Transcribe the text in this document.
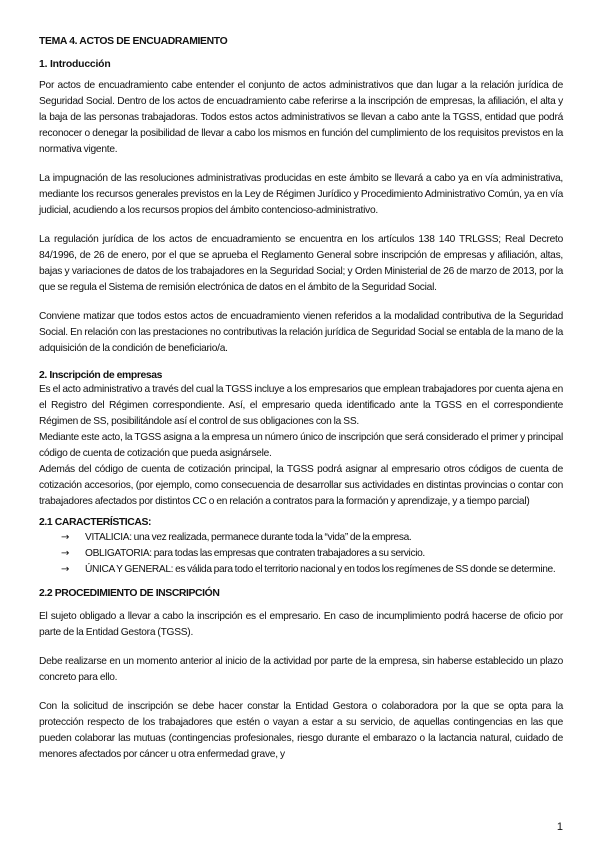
TEMA 4. ACTOS DE ENCUADRAMIENTO
1. Introducción

Por actos de encuadramiento cabe entender el conjunto de actos administrativos que dan lugar a la relación jurídica de Seguridad Social. Dentro de los actos de encuadramiento cabe referirse a la inscripción de empresas, la afiliación, el alta y la baja de las personas trabajadoras. Todos estos actos administrativos se llevan a cabo ante la TGSS, entidad que podrá reconocer o denegar la posibilidad de llevar a cabo los mismos en función del cumplimiento de los requisitos previstos en la normativa vigente.

La impugnación de las resoluciones administrativas producidas en este ámbito se llevará a cabo ya en vía administrativa, mediante los recursos generales previstos en la Ley de Régimen Jurídico y Procedimiento Administrativo Común, ya en vía judicial, acudiendo a los recursos propios del ámbito contencioso-administrativo.

La regulación jurídica de los actos de encuadramiento se encuentra en los artículos 138 140 TRLGSS; Real Decreto 84/1996, de 26 de enero, por el que se aprueba el Reglamento General sobre inscripción de empresas y afiliación, altas, bajas y variaciones de datos de los trabajadores en la Seguridad Social; y Orden Ministerial de 26 de marzo de 2013, por la que se regula el Sistema de remisión electrónica de datos en el ámbito de la Seguridad Social.

Conviene matizar que todos estos actos de encuadramiento vienen referidos a la modalidad contributiva de la Seguridad Social. En relación con las prestaciones no contributivas la relación jurídica de Seguridad Social se entabla de la mano de la adquisición de la condición de beneficiario/a.

2. Inscripción de empresas

Es el acto administrativo a través del cual la TGSS incluye a los empresarios que emplean trabajadores por cuenta ajena en el Registro del Régimen correspondiente. Así, el empresario queda identificado ante la TGSS en el correspondiente Régimen de SS, posibilitándole así el control de sus obligaciones con la SS.

Mediante este acto, la TGSS asigna a la empresa un número único de inscripción que será considerado el primer y principal código de cuenta de cotización que pueda asignársele.

Además del código de cuenta de cotización principal, la TGSS podrá asignar al empresario otros códigos de cuenta de cotización accesorios, (por ejemplo, como consecuencia de desarrollar sus actividades en distintas provincias o contar con trabajadores afectados por distintos CC o en relación a contratos para la formación y aprendizaje, y a tiempo parcial)

2.1 CARACTERÍSTICAS:
→ VITALICIA: una vez realizada, permanece durante toda la “vida” de la empresa.
→ OBLIGATORIA: para todas las empresas que contraten trabajadores a su servicio.
→ ÚNICA Y GENERAL: es válida para todo el territorio nacional y en todos los regímenes de SS donde se determine.
2.2 PROCEDIMIENTO DE INSCRIPCIÓN

El sujeto obligado a llevar a cabo la inscripción es el empresario. En caso de incumplimiento podrá hacerse de oficio por parte de la Entidad Gestora (TGSS).

Debe realizarse en un momento anterior al inicio de la actividad por parte de la empresa, sin haberse establecido un plazo concreto para ello.

Con la solicitud de inscripción se debe hacer constar la Entidad Gestora o colaboradora por la que se opta para la protección respecto de los trabajadores que estén o vayan a estar a su servicio, de aquellas contingencias en las que pueden colaborar las mutuas (contingencias profesionales, riesgo durante el embarazo o la lactancia natural, cuidado de menores afectados por cáncer u otra enfermedad grave, y

1
